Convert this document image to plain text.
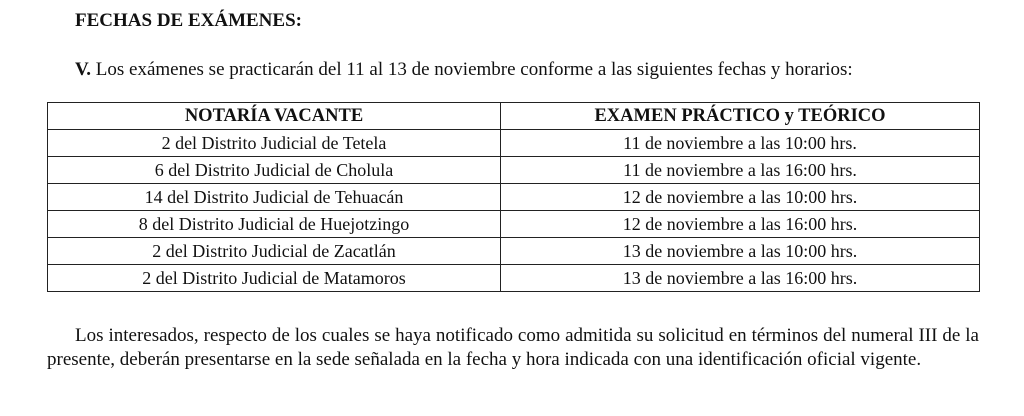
FECHAS DE EXÁMENES:
V. Los exámenes se practicarán del 11 al 13 de noviembre conforme a las siguientes fechas y horarios:
NOTARÍA VACANTE	EXAMEN PRÁCTICO y TEÓRICO
2 del Distrito Judicial de Tetela	11 de noviembre a las 10:00 hrs.
6 del Distrito Judicial de Cholula	11 de noviembre a las 16:00 hrs.
14 del Distrito Judicial de Tehuacán	12 de noviembre a las 10:00 hrs.
8 del Distrito Judicial de Huejotzingo	12 de noviembre a las 16:00 hrs.
2 del Distrito Judicial de Zacatlán	13 de noviembre a las 10:00 hrs.
2 del Distrito Judicial de Matamoros	13 de noviembre a las 16:00 hrs.
Los interesados, respecto de los cuales se haya notificado como admitida su solicitud en términos del numeral III de la presente, deberán presentarse en la sede señalada en la fecha y hora indicada con una identificación oficial vigente.
